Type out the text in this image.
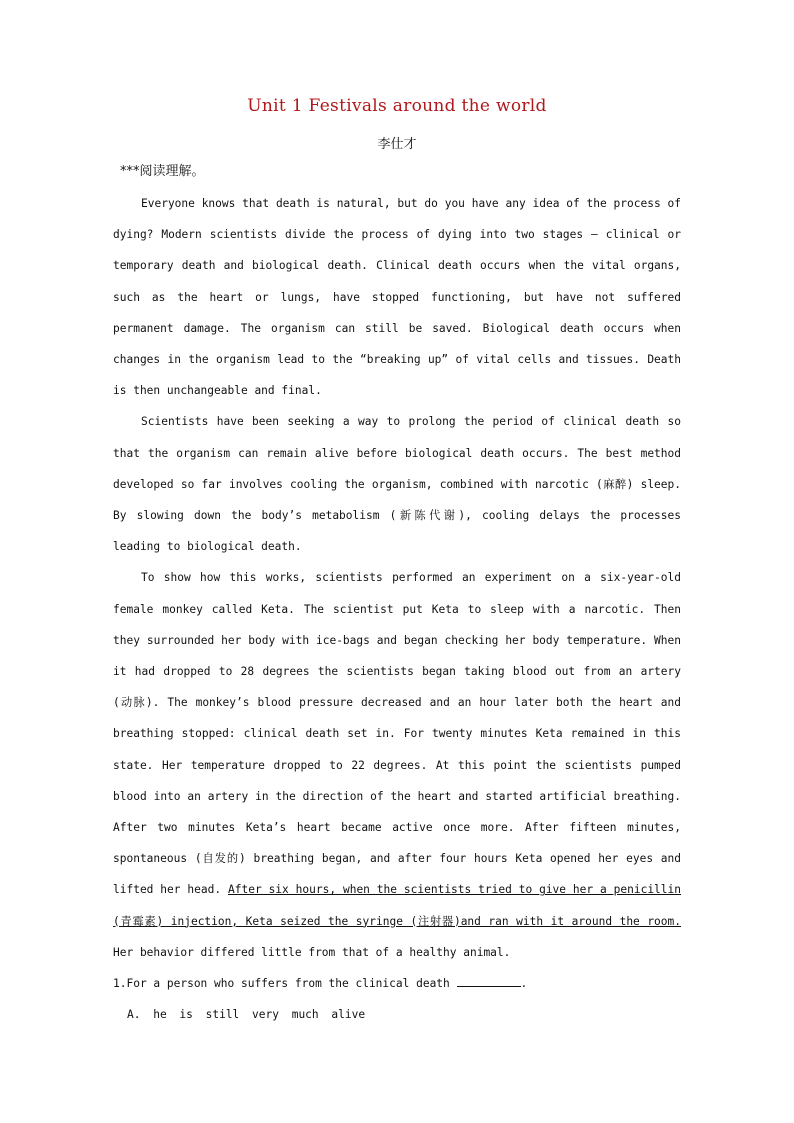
Unit 1 Festivals around the world
李仕才
***阅读理解。

Everyone knows that death is natural, but do you have any idea of the process of dying? Modern scientists divide the process of dying into two stages — clinical or temporary death and biological death. Clinical death occurs when the vital organs, such as the heart or lungs, have stopped functioning, but have not suffered permanent damage. The organism can still be saved. Biological death occurs when changes in the organism lead to the “breaking up” of vital cells and tissues. Death is then unchangeable and final.

Scientists have been seeking a way to prolong the period of clinical death so that the organism can remain alive before biological death occurs. The best method developed so far involves cooling the organism, combined with narcotic (麻醉) sleep. By slowing down the body’s metabolism (新陈代谢), cooling delays the processes leading to biological death.

To show how this works, scientists performed an experiment on a six-year-old female monkey called Keta. The scientist put Keta to sleep with a narcotic. Then they surrounded her body with ice-bags and began checking her body temperature. When it had dropped to 28 degrees the scientists began taking blood out from an artery (动脉). The monkey’s blood pressure decreased and an hour later both the heart and breathing stopped: clinical death set in. For twenty minutes Keta remained in this state. Her temperature dropped to 22 degrees. At this point the scientists pumped blood into an artery in the direction of the heart and started artificial breathing. After two minutes Keta’s heart became active once more. After fifteen minutes, spontaneous (自发的) breathing began, and after four hours Keta opened her eyes and lifted her head. After six hours, when the scientists tried to give her a penicillin (青霉素) injection, Keta seized the syringe (注射器)and ran with it around the room. Her behavior differed little from that of a healthy animal.

1.For a person who suffers from the clinical death	.
A. he is still very much alive
